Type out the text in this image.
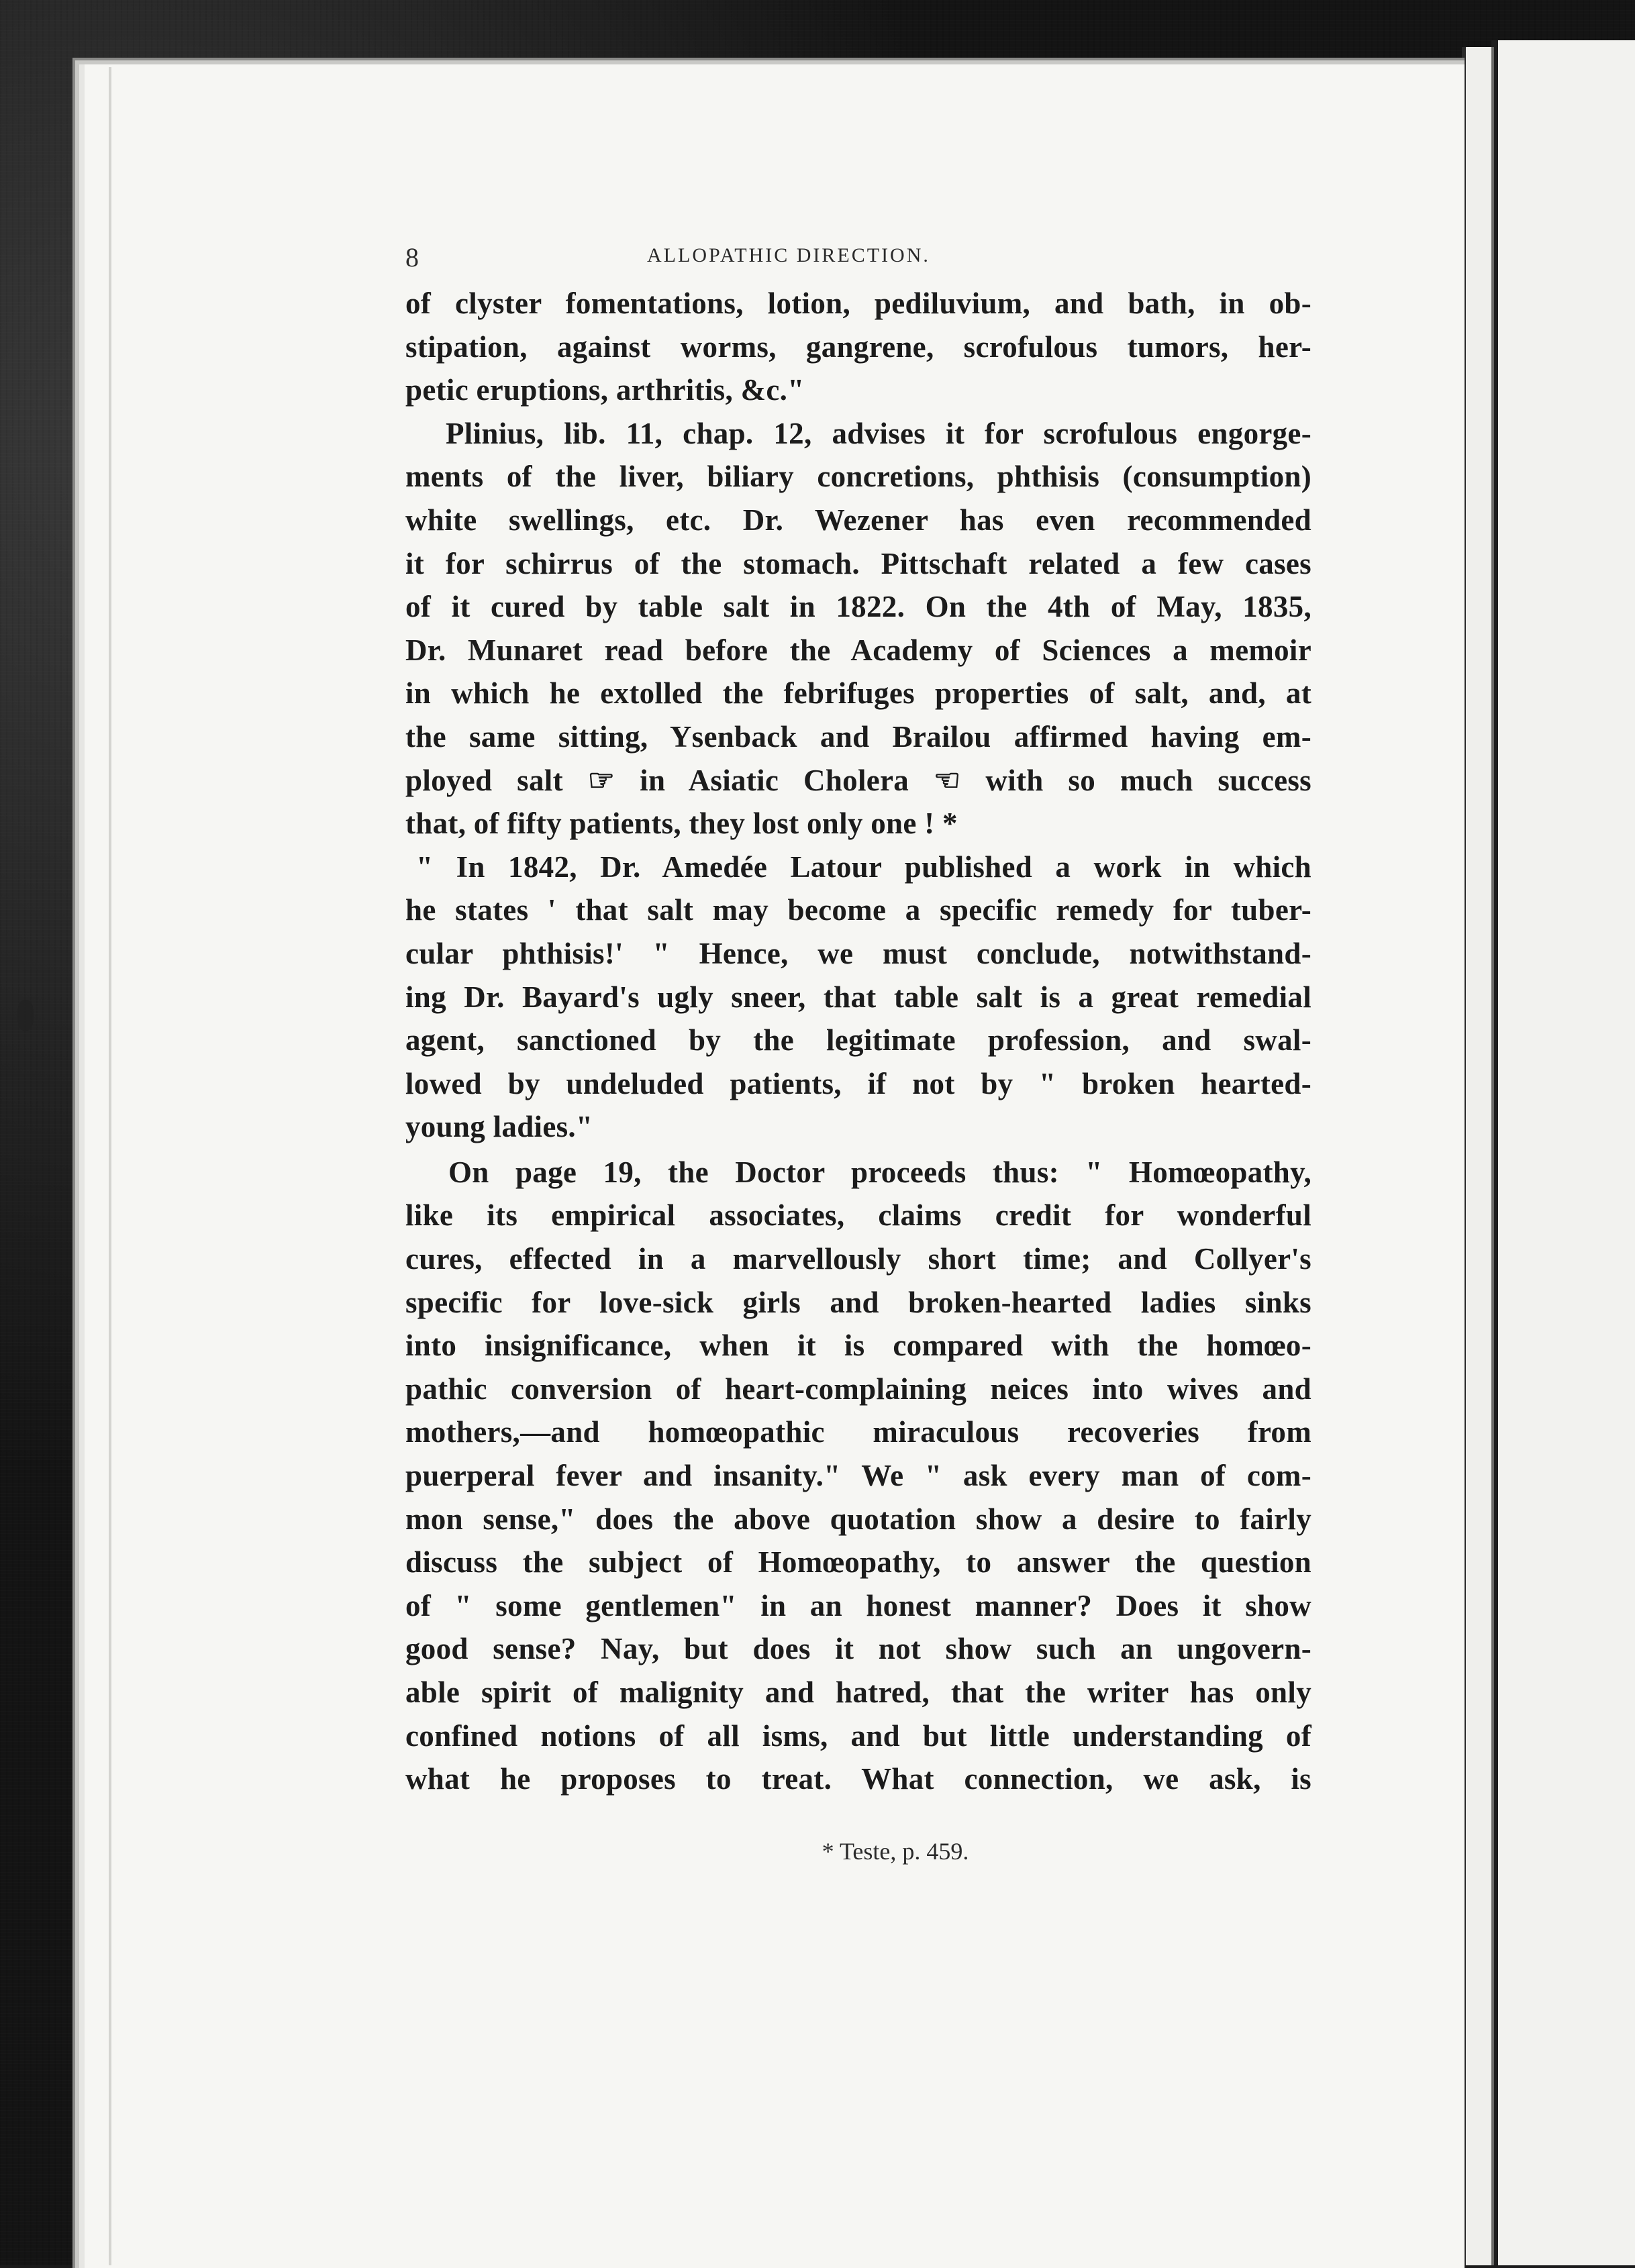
8	ALLOPATHIC DIRECTION.
of clyster fomentations, lotion, pediluvium, and bath, in ob-
stipation, against worms, gangrene, scrofulous tumors, her-
petic eruptions, arthritis, &c."
Plinius, lib. 11, chap. 12, advises it for scrofulous engorge-
ments of the liver, biliary concretions, phthisis (consumption)
white swellings, etc. Dr. Wezener has even recommended
it for schirrus of the stomach. Pittschaft related a few cases
of it cured by table salt in 1822. On the 4th of May, 1835,
Dr. Munaret read before the Academy of Sciences a memoir
in which he extolled the febrifuges properties of salt, and, at
the same sitting, Ysenback and Brailou affirmed having em-
ployed salt ☞ in Asiatic Cholera ☜ with so much success
that, of fifty patients, they lost only one ! *
" In 1842, Dr. Amedée Latour published a work in which
he states ' that salt may become a specific remedy for tuber-
cular phthisis!' " Hence, we must conclude, notwithstand-
ing Dr. Bayard's ugly sneer, that table salt is a great remedial
agent, sanctioned by the legitimate profession, and swal-
lowed by undeluded patients, if not by " broken hearted-
young ladies."
On page 19, the Doctor proceeds thus: " Homœopathy,
like its empirical associates, claims credit for wonderful
cures, effected in a marvellously short time; and Collyer's
specific for love-sick girls and broken-hearted ladies sinks
into insignificance, when it is compared with the homœo-
pathic conversion of heart-complaining neices into wives and
mothers,—and homœopathic miraculous recoveries from
puerperal fever and insanity." We " ask every man of com-
mon sense," does the above quotation show a desire to fairly
discuss the subject of Homœopathy, to answer the question
of " some gentlemen" in an honest manner? Does it show
good sense? Nay, but does it not show such an ungovern-
able spirit of malignity and hatred, that the writer has only
confined notions of all isms, and but little understanding of
what he proposes to treat. What connection, we ask, is
* Teste, p. 459.
